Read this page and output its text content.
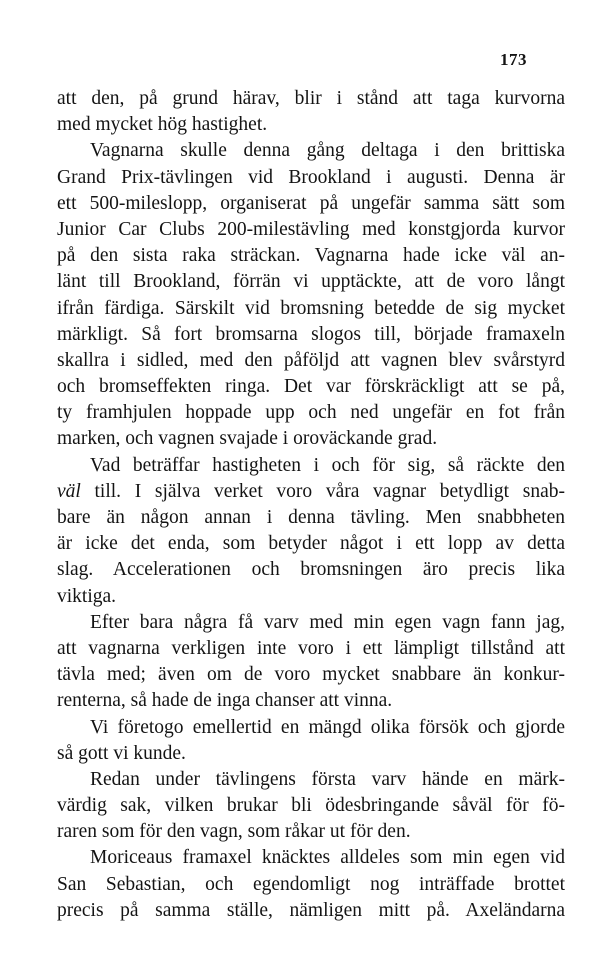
173
att den, på grund härav, blir i stånd att taga kurvorna
med mycket hög hastighet.
Vagnarna skulle denna gång deltaga i den brittiska
Grand Prix-tävlingen vid Brookland i augusti. Denna är
ett 500-mileslopp, organiserat på ungefär samma sätt som
Junior Car Clubs 200-milestävling med konstgjorda kurvor
på den sista raka sträckan. Vagnarna hade icke väl an-
länt till Brookland, förrän vi upptäckte, att de voro långt
ifrån färdiga. Särskilt vid bromsning betedde de sig mycket
märkligt. Så fort bromsarna slogos till, började framaxeln
skallra i sidled, med den påföljd att vagnen blev svårstyrd
och bromseffekten ringa. Det var förskräckligt att se på,
ty framhjulen hoppade upp och ned ungefär en fot från
marken, och vagnen svajade i oroväckande grad.
Vad beträffar hastigheten i och för sig, så räckte den
väl till. I själva verket voro våra vagnar betydligt snab-
bare än någon annan i denna tävling. Men snabbheten
är icke det enda, som betyder något i ett lopp av detta
slag. Accelerationen och bromsningen äro precis lika
viktiga.
Efter bara några få varv med min egen vagn fann jag,
att vagnarna verkligen inte voro i ett lämpligt tillstånd att
tävla med; även om de voro mycket snabbare än konkur-
renterna, så hade de inga chanser att vinna.
Vi företogo emellertid en mängd olika försök och gjorde
så gott vi kunde.
Redan under tävlingens första varv hände en märk-
värdig sak, vilken brukar bli ödesbringande såväl för fö-
raren som för den vagn, som råkar ut för den.
Moriceaus framaxel knäcktes alldeles som min egen vid
San Sebastian, och egendomligt nog inträffade brottet
precis på samma ställe, nämligen mitt på. Axeländarna
